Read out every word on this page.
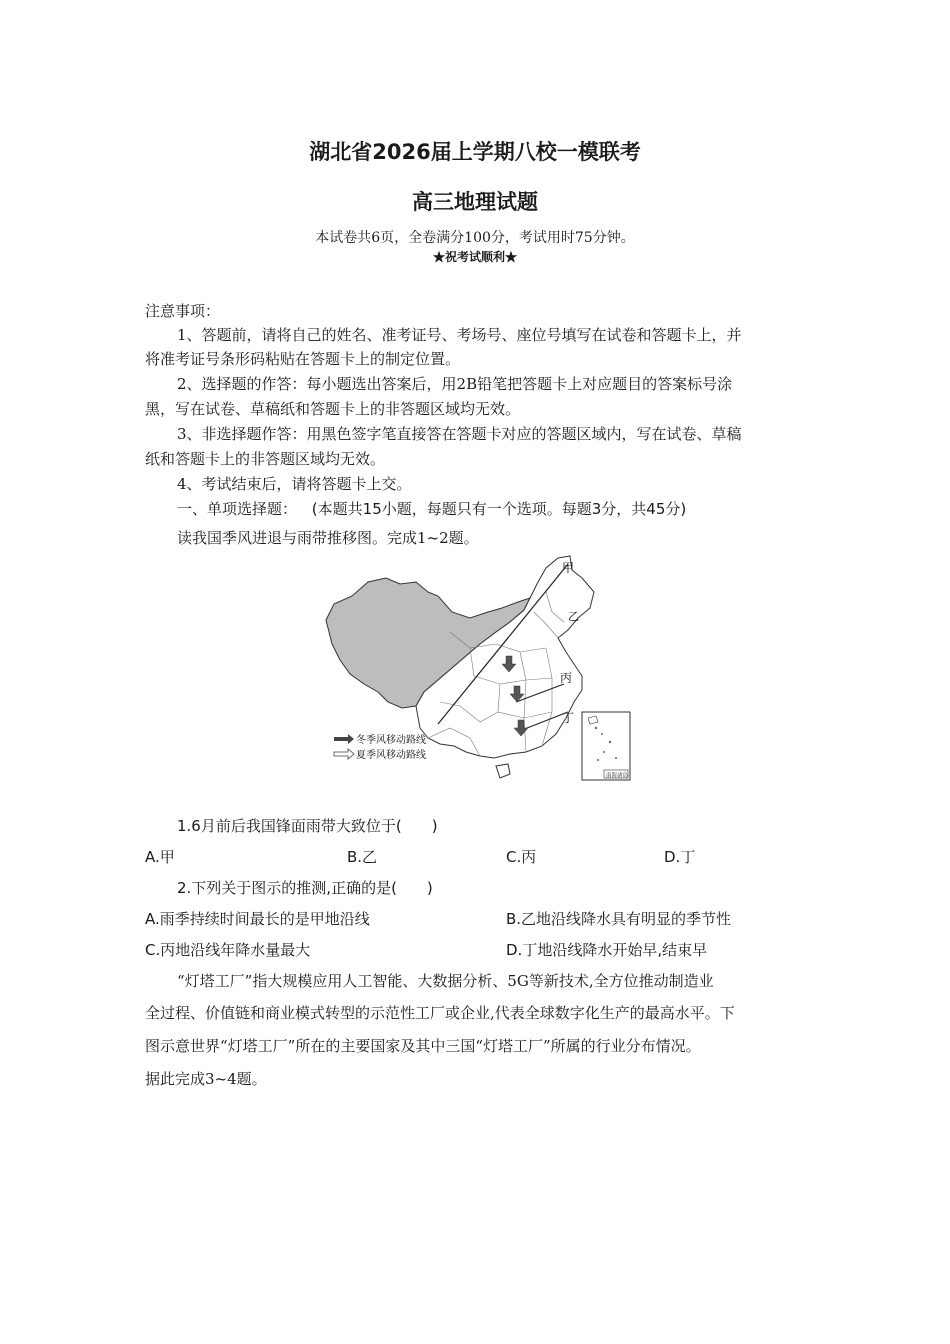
湖北省2026届上学期八校一模联考
高三地理试题
本试卷共6页，全卷满分100分，考试用时75分钟。
★祝考试顺利★
注意事项：
1、答题前，请将自己的姓名、准考证号、考场号、座位号填写在试卷和答题卡上，并
将准考证号条形码粘贴在答题卡上的制定位置。
2、选择题的作答：每小题选出答案后，用2B铅笔把答题卡上对应题目的答案标号涂
黑，写在试卷、草稿纸和答题卡上的非答题区域均无效。
3、非选择题作答：用黑色签字笔直接答在答题卡对应的答题区域内，写在试卷、草稿
纸和答题卡上的非答题区域均无效。
4、考试结束后，请将答题卡上交。
一、单项选择题： (本题共15小题，每题只有一个选项。每题3分，共45分)
读我国季风进退与雨带推移图。完成1~2题。
甲
乙
丙
丁
冬季风移动路线
夏季风移动路线
南海诸岛
1.6月前后我国锋面雨带大致位于(　　)
A.甲	B.乙	C.丙	D.丁
2.下列关于图示的推测,正确的是(　　)
A.雨季持续时间最长的是甲地沿线	B.乙地沿线降水具有明显的季节性
C.丙地沿线年降水量最大	D.丁地沿线降水开始早,结束早
“灯塔工厂”指大规模应用人工智能、大数据分析、5G等新技术,全方位推动制造业
全过程、价值链和商业模式转型的示范性工厂或企业,代表全球数字化生产的最高水平。下
图示意世界“灯塔工厂”所在的主要国家及其中三国“灯塔工厂”所属的行业分布情况。
据此完成3~4题。
